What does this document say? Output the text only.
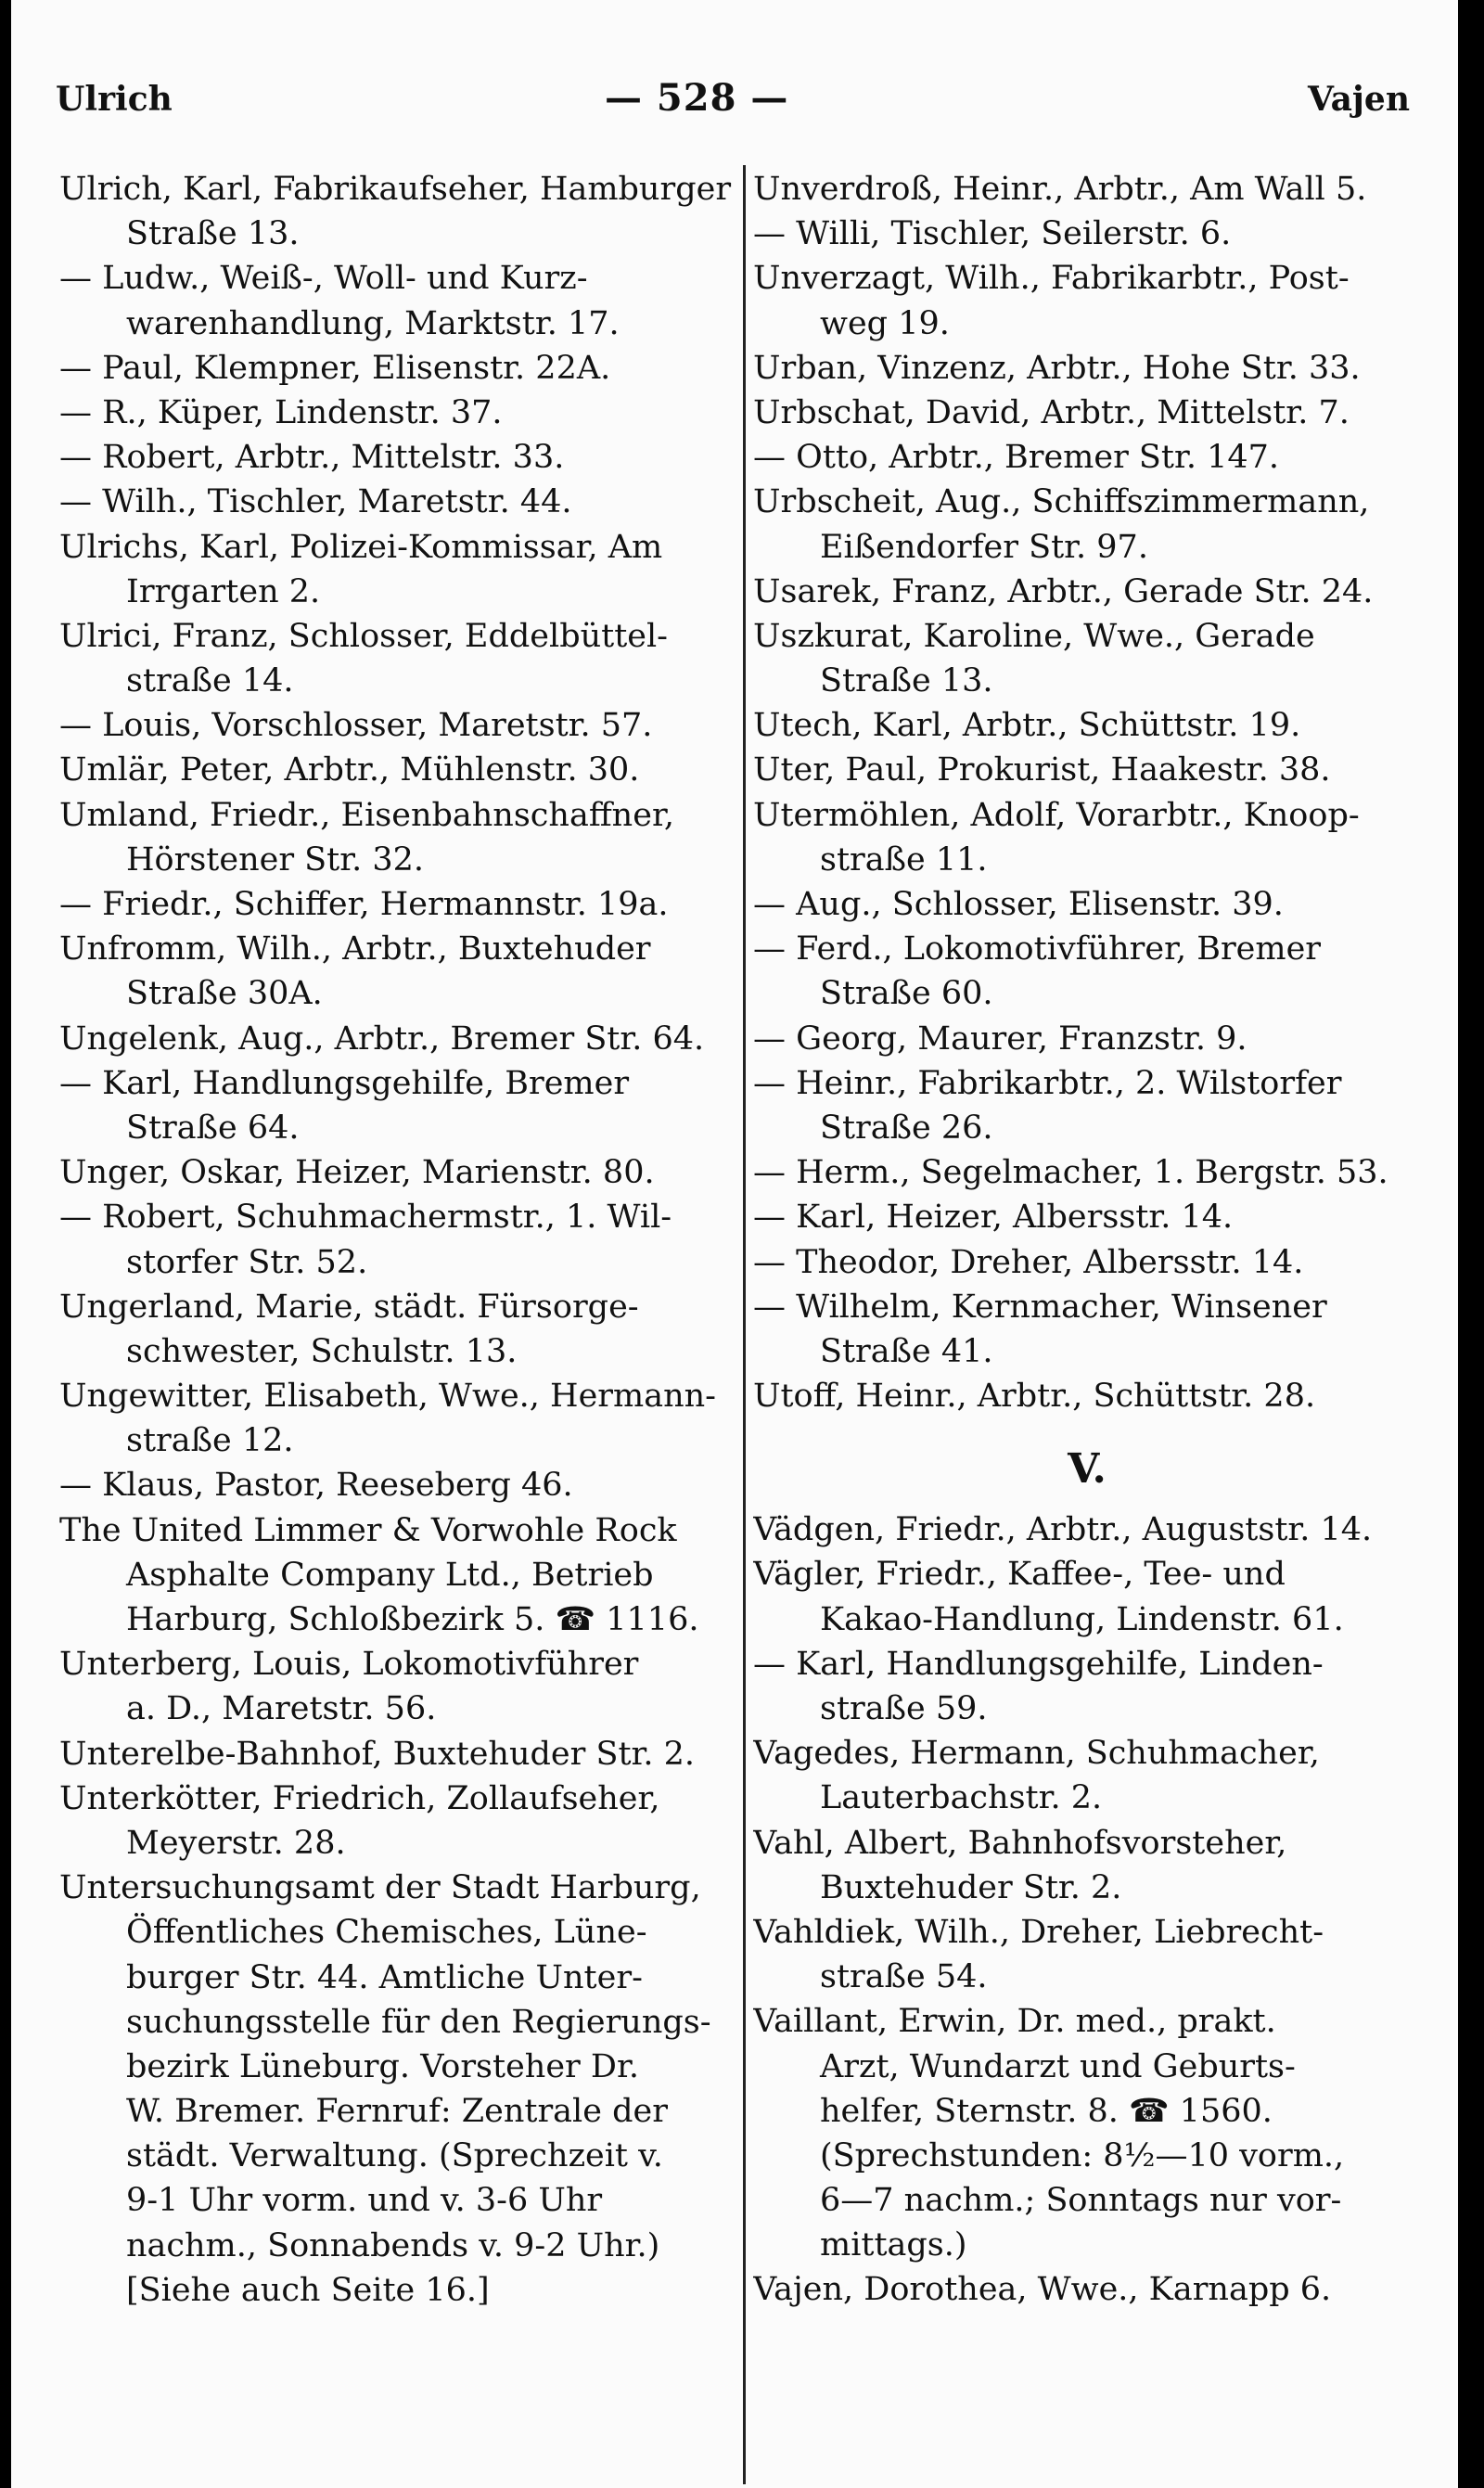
Ulrich	— 528 —	Vajen
Ulrich, Karl, Fabrikaufseher, Hamburger
Straße 13.
— Ludw., Weiß-, Woll- und Kurz-
warenhandlung, Marktstr. 17.
— Paul, Klempner, Elisenstr. 22A.
— R., Küper, Lindenstr. 37.
— Robert, Arbtr., Mittelstr. 33.
— Wilh., Tischler, Maretstr. 44.
Ulrichs, Karl, Polizei-Kommissar, Am
Irrgarten 2.
Ulrici, Franz, Schlosser, Eddelbüttel-
straße 14.
— Louis, Vorschlosser, Maretstr. 57.
Umlär, Peter, Arbtr., Mühlenstr. 30.
Umland, Friedr., Eisenbahnschaffner,
Hörstener Str. 32.
— Friedr., Schiffer, Hermannstr. 19a.
Unfromm, Wilh., Arbtr., Buxtehuder
Straße 30A.
Ungelenk, Aug., Arbtr., Bremer Str. 64.
— Karl, Handlungsgehilfe, Bremer
Straße 64.
Unger, Oskar, Heizer, Marienstr. 80.
— Robert, Schuhmachermstr., 1. Wil-
storfer Str. 52.
Ungerland, Marie, städt. Fürsorge-
schwester, Schulstr. 13.
Ungewitter, Elisabeth, Wwe., Hermann-
straße 12.
— Klaus, Pastor, Reeseberg 46.
The United Limmer & Vorwohle Rock
Asphalte Company Ltd., Betrieb
Harburg, Schloßbezirk 5. ☎ 1116.
Unterberg, Louis, Lokomotivführer
a. D., Maretstr. 56.
Unterelbe-Bahnhof, Buxtehuder Str. 2.
Unterkötter, Friedrich, Zollaufseher,
Meyerstr. 28.
Untersuchungsamt der Stadt Harburg,
Öffentliches Chemisches, Lüne-
burger Str. 44. Amtliche Unter-
suchungsstelle für den Regierungs-
bezirk Lüneburg. Vorsteher Dr.
W. Bremer. Fernruf: Zentrale der
städt. Verwaltung. (Sprechzeit v.
9-1 Uhr vorm. und v. 3-6 Uhr
nachm., Sonnabends v. 9-2 Uhr.)
[Siehe auch Seite 16.]
Unverdroß, Heinr., Arbtr., Am Wall 5.
— Willi, Tischler, Seilerstr. 6.
Unverzagt, Wilh., Fabrikarbtr., Post-
weg 19.
Urban, Vinzenz, Arbtr., Hohe Str. 33.
Urbschat, David, Arbtr., Mittelstr. 7.
— Otto, Arbtr., Bremer Str. 147.
Urbscheit, Aug., Schiffszimmermann,
Eißendorfer Str. 97.
Usarek, Franz, Arbtr., Gerade Str. 24.
Uszkurat, Karoline, Wwe., Gerade
Straße 13.
Utech, Karl, Arbtr., Schüttstr. 19.
Uter, Paul, Prokurist, Haakestr. 38.
Utermöhlen, Adolf, Vorarbtr., Knoop-
straße 11.
— Aug., Schlosser, Elisenstr. 39.
— Ferd., Lokomotivführer, Bremer
Straße 60.
— Georg, Maurer, Franzstr. 9.
— Heinr., Fabrikarbtr., 2. Wilstorfer
Straße 26.
— Herm., Segelmacher, 1. Bergstr. 53.
— Karl, Heizer, Albersstr. 14.
— Theodor, Dreher, Albersstr. 14.
— Wilhelm, Kernmacher, Winsener
Straße 41.
Utoff, Heinr., Arbtr., Schüttstr. 28.
V.
Vädgen, Friedr., Arbtr., Auguststr. 14.
Vägler, Friedr., Kaffee-, Tee- und
Kakao-Handlung, Lindenstr. 61.
— Karl, Handlungsgehilfe, Linden-
straße 59.
Vagedes, Hermann, Schuhmacher,
Lauterbachstr. 2.
Vahl, Albert, Bahnhofsvorsteher,
Buxtehuder Str. 2.
Vahldiek, Wilh., Dreher, Liebrecht-
straße 54.
Vaillant, Erwin, Dr. med., prakt.
Arzt, Wundarzt und Geburts-
helfer, Sternstr. 8. ☎ 1560.
(Sprechstunden: 8½—10 vorm.,
6—7 nachm.; Sonntags nur vor-
mittags.)
Vajen, Dorothea, Wwe., Karnapp 6.
